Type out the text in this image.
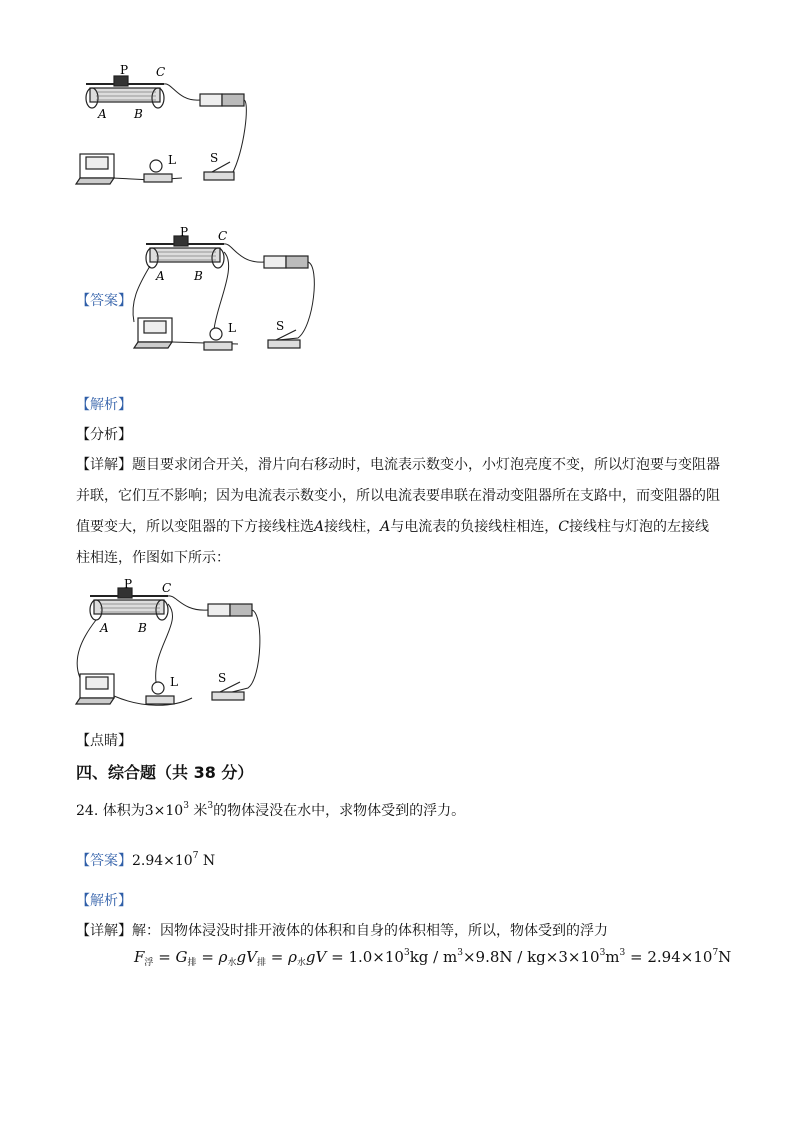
P C
A B
L	S
P C
A B
L	S
【答案】
【解析】
【分析】
【详解】题目要求闭合开关，滑片向右移动时，电流表示数变小，小灯泡亮度不变，所以灯泡要与变阻器
并联，它们互不影响；因为电流表示数变小，所以电流表要串联在滑动变阻器所在支路中，而变阻器的阻
值要变大，所以变阻器的下方接线柱选A接线柱，A与电流表的负接线柱相连，C接线柱与灯泡的左接线
柱相连，作图如下所示：
P C
A B
L	S
【点睛】
四、综合题（共 38 分）
24. 体积为$3\times 10^3$ 米$^3$的物体浸没在水中，求物体受到的浮力。
【答案】$2.94\times 10^7$ N
【解析】
【详解】解：因物体浸没时排开液体的体积和自身的体积相等，所以，物体受到的浮力
$F_浮 = G_排 = \rho_水gV_排 = \rho_水gV = 1.0\times 10^3kg / m^3\times 9.8N / kg\times 3\times 10^3m^3 = 2.94\times 10^7N$
